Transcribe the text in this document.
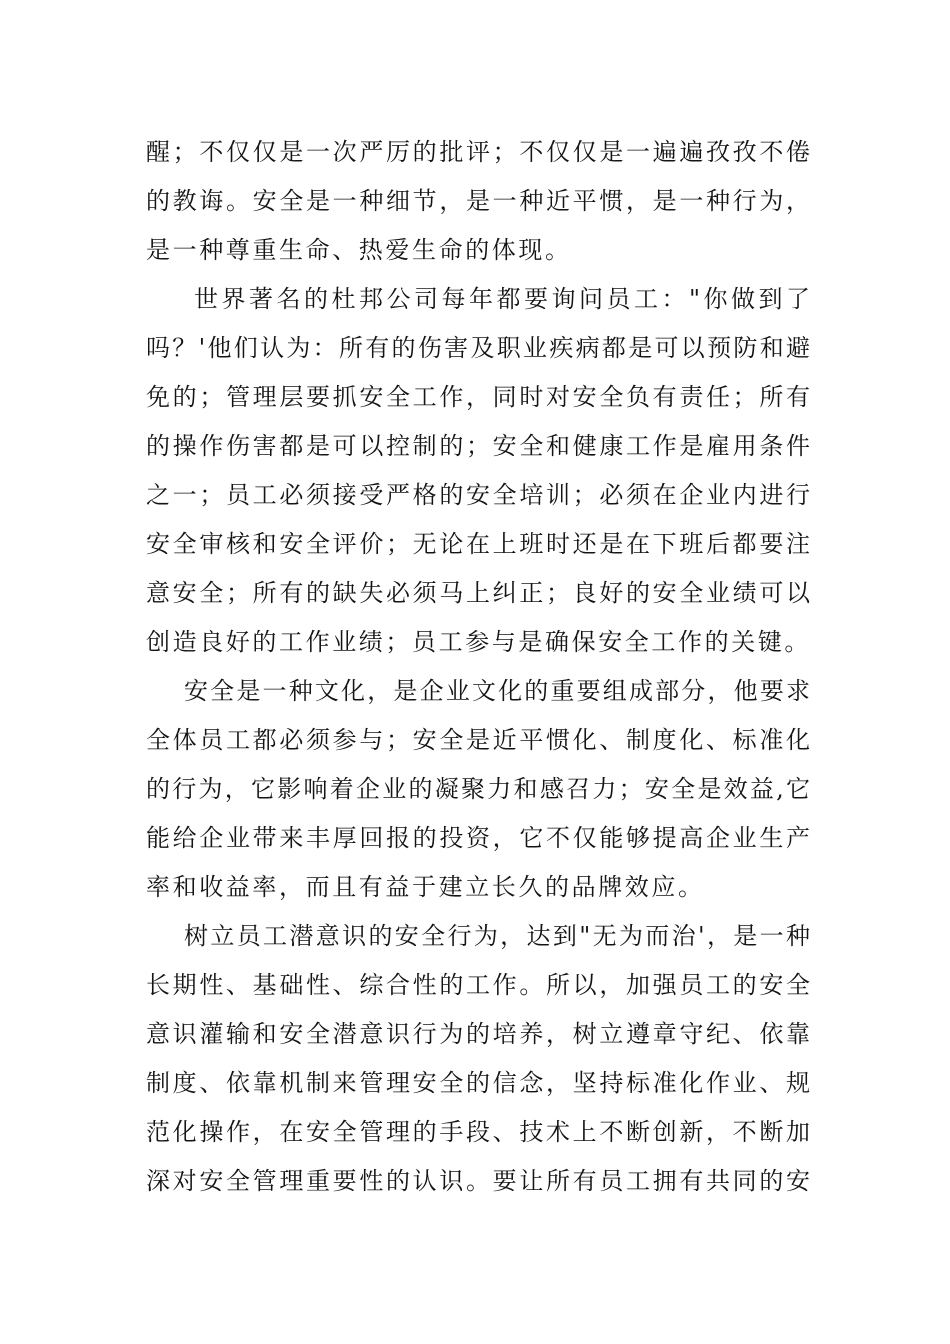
醒；不仅仅是一次严厉的批评；不仅仅是一遍遍孜孜不倦
的教诲。安全是一种细节，是一种近平惯，是一种行为，
是一种尊重生命、热爱生命的体现。
世界著名的杜邦公司每年都要询问员工："你做到了
吗？'他们认为：所有的伤害及职业疾病都是可以预防和避
免的；管理层要抓安全工作，同时对安全负有责任；所有
的操作伤害都是可以控制的；安全和健康工作是雇用条件
之一；员工必须接受严格的安全培训；必须在企业内进行
安全审核和安全评价；无论在上班时还是在下班后都要注
意安全；所有的缺失必须马上纠正；良好的安全业绩可以
创造良好的工作业绩；员工参与是确保安全工作的关键。
安全是一种文化，是企业文化的重要组成部分，他要求
全体员工都必须参与；安全是近平惯化、制度化、标准化
的行为，它影响着企业的凝聚力和感召力；安全是效益,它
能给企业带来丰厚回报的投资，它不仅能够提高企业生产
率和收益率，而且有益于建立长久的品牌效应。
树立员工潜意识的安全行为，达到"无为而治'，是一种
长期性、基础性、综合性的工作。所以，加强员工的安全
意识灌输和安全潜意识行为的培养，树立遵章守纪、依靠
制度、依靠机制来管理安全的信念，坚持标准化作业、规
范化操作，在安全管理的手段、技术上不断创新，不断加
深对安全管理重要性的认识。要让所有员工拥有共同的安
